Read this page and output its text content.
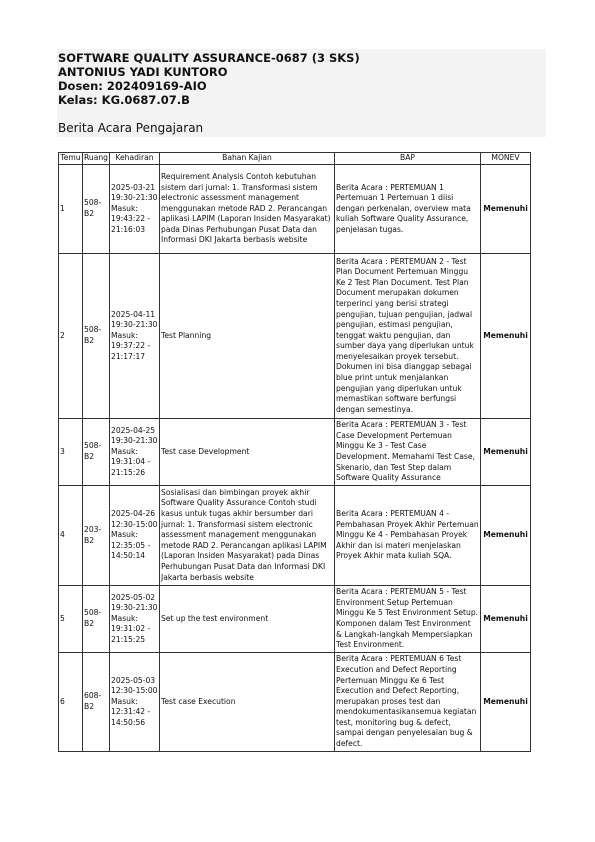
SOFTWARE QUALITY ASSURANCE-0687 (3 SKS)
ANTONIUS YADI KUNTORO
Dosen: 202409169-AIO
Kelas: KG.0687.07.B
Berita Acara Pengajaran
Temu	Ruang	Kehadiran	Bahan Kajian	BAP	MONEV
1	508-B2	2025-03-21 19:30-21:30 Masuk: 19:43:22 - 21:16:03	Requirement Analysis Contoh kebutuhan sistem dari jurnal: 1. Transformasi sistem electronic assessment management menggunakan metode RAD 2. Perancangan aplikasi LAPIM (Laporan Insiden Masyarakat) pada Dinas Perhubungan Pusat Data dan Informasi DKI Jakarta berbasis website	Berita Acara : PERTEMUAN 1 Pertemuan 1 Pertemuan 1 diisi dengan perkenalan, overview mata kuliah Software Quality Assurance, penjelasan tugas.	Memenuhi
2	508-B2	2025-04-11 19:30-21:30 Masuk: 19:37:22 - 21:17:17	Test Planning	Berita Acara : PERTEMUAN 2 - Test Plan Document Pertemuan Minggu Ke 2 Test Plan Document. Test Plan Document merupakan dokumen terperinci yang berisi strategi pengujian, tujuan pengujian, jadwal pengujian, estimasi pengujian, tenggat waktu pengujian, dan sumber daya yang diperlukan untuk menyelesaikan proyek tersebut. Dokumen ini bisa dianggap sebagai blue print untuk menjalankan pengujian yang diperlukan untuk memastikan software berfungsi dengan semestinya.	Memenuhi
3	508-B2	2025-04-25 19:30-21:30 Masuk: 19:31:04 - 21:15:26	Test case Development	Berita Acara : PERTEMUAN 3 - Test Case Development Pertemuan Minggu Ke 3 - Test Case Development. Memahami Test Case, Skenario, dan Test Step dalam Software Quality Assurance	Memenuhi
4	203-B2	2025-04-26 12:30-15:00 Masuk: 12:35:05 - 14:50:14	Sosialisasi dan bimbingan proyek akhir Software Quality Assurance Contoh studi kasus untuk tugas akhir bersumber dari jurnal: 1. Transformasi sistem electronic assessment management menggunakan metode RAD 2. Perancangan aplikasi LAPIM (Laporan Insiden Masyarakat) pada Dinas Perhubungan Pusat Data dan Informasi DKI Jakarta berbasis website	Berita Acara : PERTEMUAN 4 - Pembahasan Proyek Akhir Pertemuan Minggu Ke 4 - Pembahasan Proyek Akhir dan isi materi menjelaskan Proyek Akhir mata kuliah SQA.	Memenuhi
5	508-B2	2025-05-02 19:30-21:30 Masuk: 19:31:02 - 21:15:25	Set up the test environment	Berita Acara : PERTEMUAN 5 - Test Environment Setup Pertemuan Minggu Ke 5 Test Environment Setup. Komponen dalam Test Environment & Langkah-langkah Mempersiapkan Test Environment.	Memenuhi
6	608-B2	2025-05-03 12:30-15:00 Masuk: 12:31:42 - 14:50:56	Test case Execution	Berita Acara : PERTEMUAN 6 Test Execution and Defect Reporting Pertemuan Minggu Ke 6 Test Execution and Defect Reporting, merupakan proses test dan mendokumentasikansemua kegiatan test, monitoring bug & defect, sampai dengan penyelesaian bug & defect.	Memenuhi
